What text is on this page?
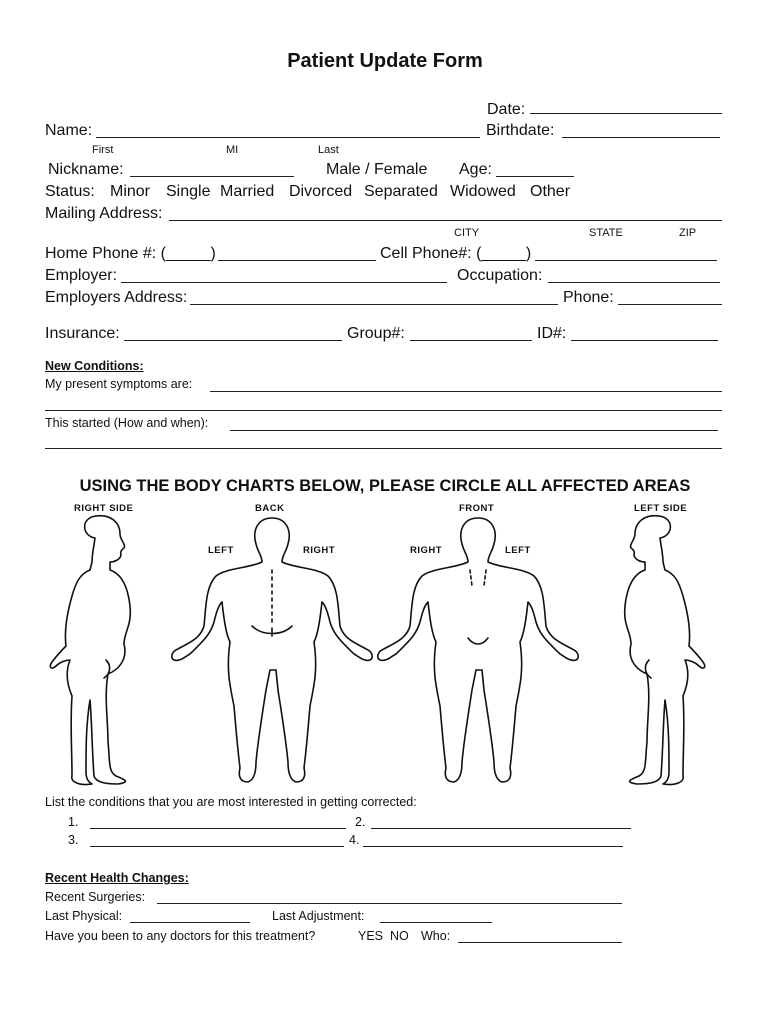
Patient Update Form
Date:
Name:	Birthdate:
First	MI	Last
Nickname:	Male / Female Age:
Status: Minor Single Married Divorced Separated Widowed Other
Mailing Address:
CITY	STATE	ZIP
Home Phone #: (_____)	Cell Phone#: (_____)
Employer:	Occupation:
Employers Address:	Phone:
Insurance:	Group#:	ID#:
New Conditions:
My present symptoms are:
This started (How and when):
USING THE BODY CHARTS BELOW, PLEASE CIRCLE ALL AFFECTED AREAS
RIGHT SIDE	BACK	FRONT	LEFT SIDE
LEFT	RIGHT	RIGHT	LEFT
List the conditions that you are most interested in getting corrected:
1.	2.
3.	4.
Recent Health Changes:
Recent Surgeries:
Last Physical:	Last Adjustment:
Have you been to any doctors for this treatment?	YES NO Who:
